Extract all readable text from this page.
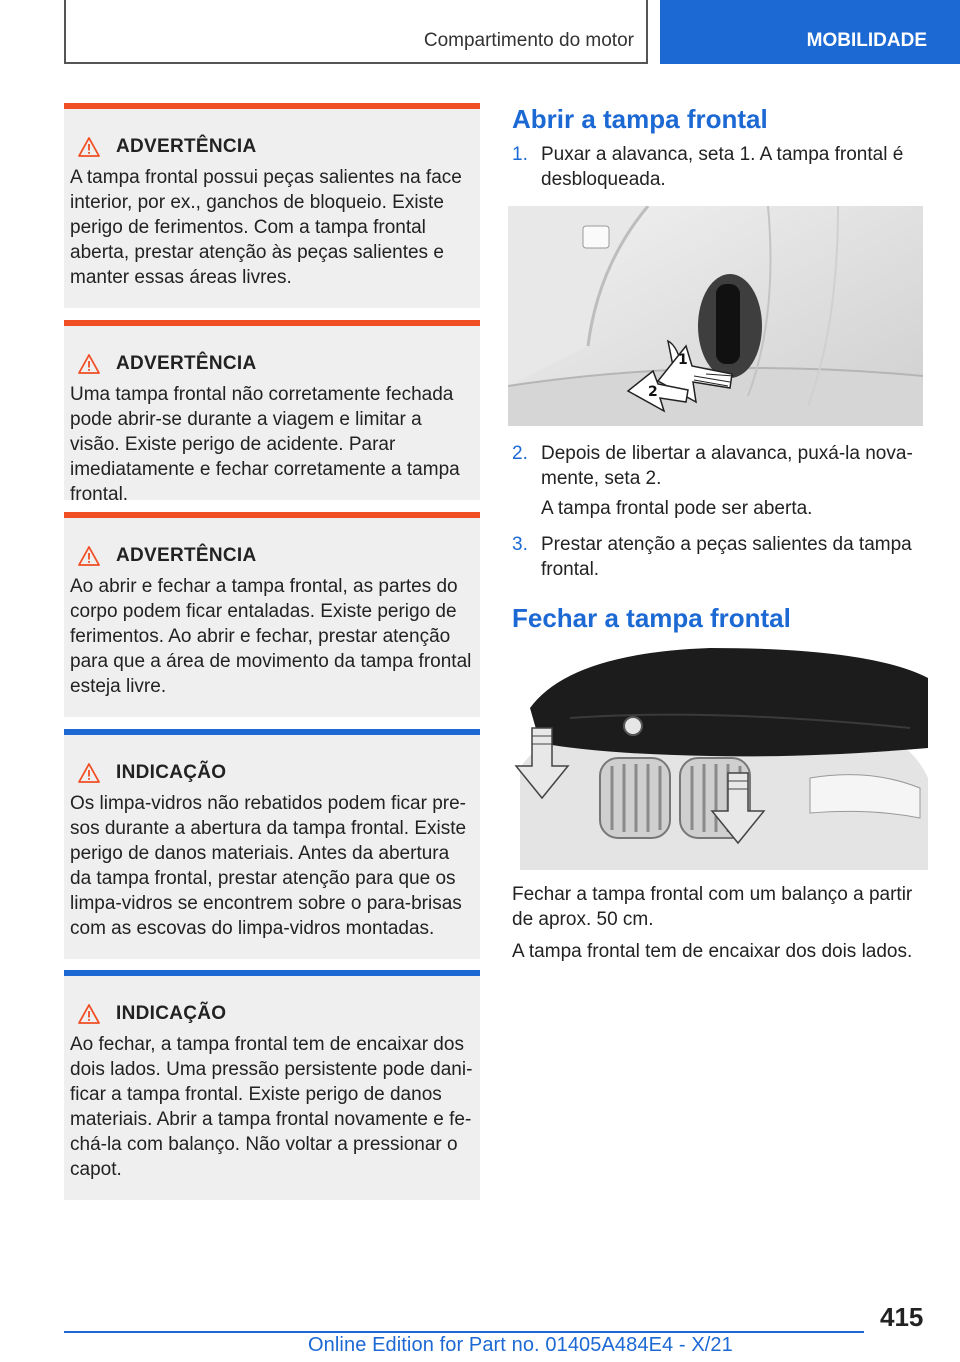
Compartimento do motor	MOBILIDADE
ADVERTÊNCIA
A tampa frontal possui peças salientes na face interior, por ex., ganchos de bloqueio. Existe perigo de ferimentos. Com a tampa frontal aberta, prestar atenção às peças salientes e manter essas áreas livres.
ADVERTÊNCIA
Uma tampa frontal não corretamente fechada pode abrir-se durante a viagem e limitar a visão. Existe perigo de acidente. Parar imediatamente e fechar corretamente a tampa frontal.
ADVERTÊNCIA
Ao abrir e fechar a tampa frontal, as partes do corpo podem ficar entaladas. Existe perigo de ferimentos. Ao abrir e fechar, prestar atenção para que a área de movimento da tampa frontal esteja livre.
INDICAÇÃO
Os limpa-vidros não rebatidos podem ficar pre‐sos durante a abertura da tampa frontal. Existe perigo de danos materiais. Antes da abertura da tampa frontal, prestar atenção para que os limpa-vidros se encontrem sobre o para-brisas com as escovas do limpa-vidros montadas.
INDICAÇÃO
Ao fechar, a tampa frontal tem de encaixar dos dois lados. Uma pressão persistente pode dani‐ficar a tampa frontal. Existe perigo de danos materiais. Abrir a tampa frontal novamente e fe‐chá-la com balanço. Não voltar a pressionar o capot.
Abrir a tampa frontal
1. Puxar a alavanca, seta 1. A tampa frontal é desbloqueada.
1
2
2. Depois de libertar a alavanca, puxá-la nova‐mente, seta 2.
A tampa frontal pode ser aberta.
3. Prestar atenção a peças salientes da tampa frontal.
Fechar a tampa frontal
Fechar a tampa frontal com um balanço a partir de aprox. 50 cm.
A tampa frontal tem de encaixar dos dois lados.
415
Online Edition for Part no. 01405A484E4 - X/21
